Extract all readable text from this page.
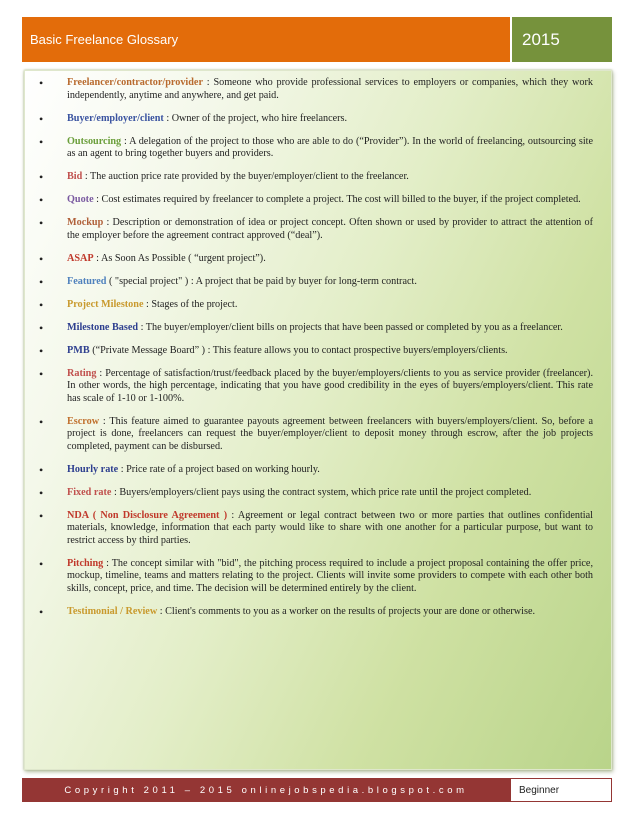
Basic Freelance Glossary	2015
• Freelancer/contractor/provider : Someone who provide professional services to employers or companies, which they work independently, anytime and anywhere, and get paid.
• Buyer/employer/client : Owner of the project, who hire freelancers.
• Outsourcing : A delegation of the project to those who are able to do (“Provider”). In the world of freelancing, outsourcing site as an agent to bring together buyers and providers.
• Bid : The auction price rate provided by the buyer/employer/client to the freelancer.
• Quote : Cost estimates required by freelancer to complete a project. The cost will billed to the buyer, if the project completed.
• Mockup : Description or demonstration of idea or project concept. Often shown or used by provider to attract the attention of the employer before the agreement contract approved (“deal”).
• ASAP : As Soon As Possible ( “urgent project”).
• Featured ( "special project" ) : A project that be paid by buyer for long-term contract.
• Project Milestone : Stages of the project.
• Milestone Based : The buyer/employer/client bills on projects that have been passed or completed by you as a freelancer.
• PMB (“Private Message Board” ) : This feature allows you to contact prospective buyers/employers/clients.
• Rating : Percentage of satisfaction/trust/feedback placed by the buyer/employers/clients to you as service provider (freelancer). In other words, the high percentage, indicating that you have good credibility in the eyes of buyers/employers/client. This rate has scale of 1-10 or 1-100%.
• Escrow : This feature aimed to guarantee payouts agreement between freelancers with buyers/employers/client. So, before a project is done, freelancers can request the buyer/employer/client to deposit money through escrow, after the job projects completed, payment can be disbursed.
• Hourly rate : Price rate of a project based on working hourly.
• Fixed rate : Buyers/employers/client pays using the contract system, which price rate until the project completed.
• NDA ( Non Disclosure Agreement ) : Agreement or legal contract between two or more parties that outlines confidential materials, knowledge, information that each party would like to share with one another for a particular purpose, but want to restrict access by third parties.
• Pitching : The concept similar with "bid", the pitching process required to include a project proposal containing the offer price, mockup, timeline, teams and matters relating to the project. Clients will invite some providers to compete with each other both skills, concept, price, and time. The decision will be determined entirely by the client.
• Testimonial / Review : Client's comments to you as a worker on the results of projects your are done or otherwise.
Copyright 2011 – 2015 onlinejobspedia.blogspot.com	Beginner
